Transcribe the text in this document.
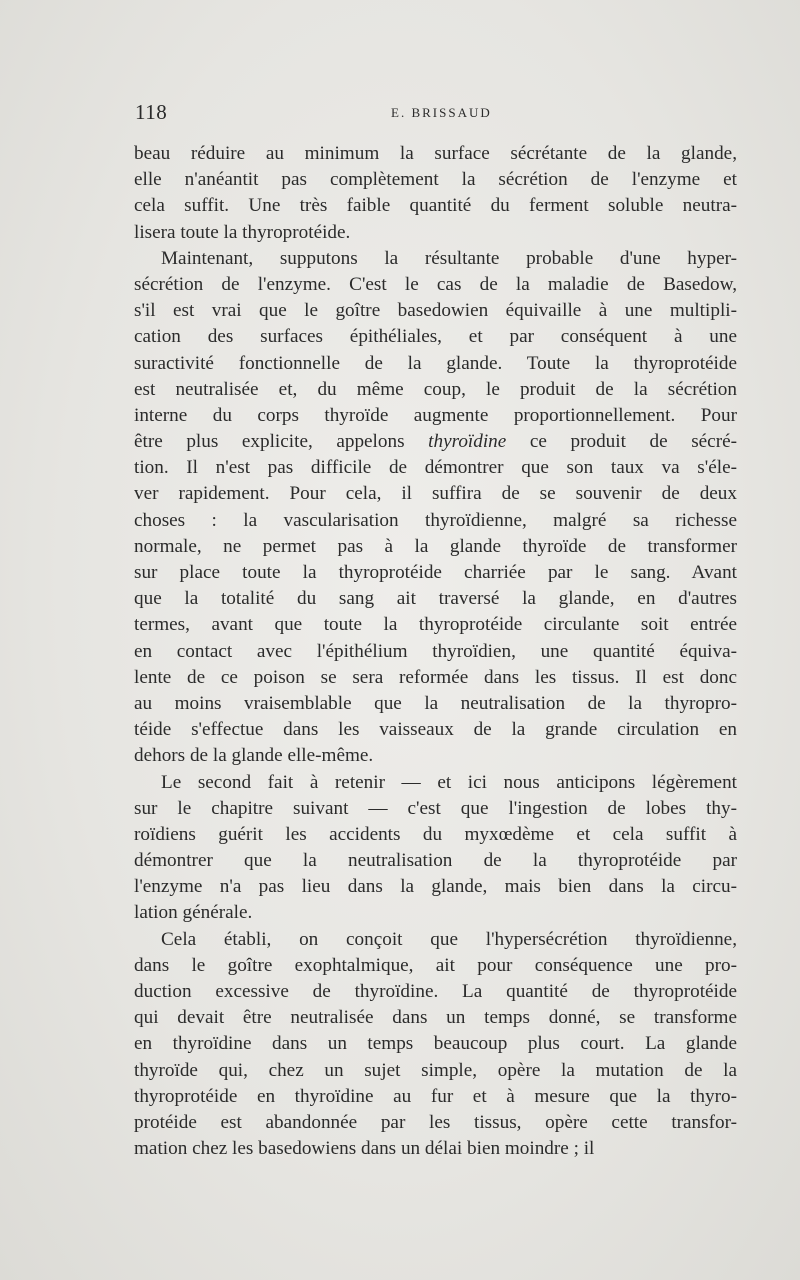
118	E. BRISSAUD
beau réduire au minimum la surface sécrétante de la glande,
elle n'anéantit pas complètement la sécrétion de l'enzyme et
cela suffit. Une très faible quantité du ferment soluble neutra-
lisera toute la thyroprotéide.
Maintenant, supputons la résultante probable d'une hyper-
sécrétion de l'enzyme. C'est le cas de la maladie de Basedow,
s'il est vrai que le goître basedowien équivaille à une multipli-
cation des surfaces épithéliales, et par conséquent à une
suractivité fonctionnelle de la glande. Toute la thyroprotéide
est neutralisée et, du même coup, le produit de la sécrétion
interne du corps thyroïde augmente proportionnellement. Pour
être plus explicite, appelons thyroïdine ce produit de sécré-
tion. Il n'est pas difficile de démontrer que son taux va s'éle-
ver rapidement. Pour cela, il suffira de se souvenir de deux
choses : la vascularisation thyroïdienne, malgré sa richesse
normale, ne permet pas à la glande thyroïde de transformer
sur place toute la thyroprotéide charriée par le sang. Avant
que la totalité du sang ait traversé la glande, en d'autres
termes, avant que toute la thyroprotéide circulante soit entrée
en contact avec l'épithélium thyroïdien, une quantité équiva-
lente de ce poison se sera reformée dans les tissus. Il est donc
au moins vraisemblable que la neutralisation de la thyropro-
téide s'effectue dans les vaisseaux de la grande circulation en
dehors de la glande elle-même.
Le second fait à retenir — et ici nous anticipons légèrement
sur le chapitre suivant — c'est que l'ingestion de lobes thy-
roïdiens guérit les accidents du myxœdème et cela suffit à
démontrer que la neutralisation de la thyroprotéide par
l'enzyme n'a pas lieu dans la glande, mais bien dans la circu-
lation générale.
Cela établi, on conçoit que l'hypersécrétion thyroïdienne,
dans le goître exophtalmique, ait pour conséquence une pro-
duction excessive de thyroïdine. La quantité de thyroprotéide
qui devait être neutralisée dans un temps donné, se transforme
en thyroïdine dans un temps beaucoup plus court. La glande
thyroïde qui, chez un sujet simple, opère la mutation de la
thyroprotéide en thyroïdine au fur et à mesure que la thyro-
protéide est abandonnée par les tissus, opère cette transfor-
mation chez les basedowiens dans un délai bien moindre ; il
